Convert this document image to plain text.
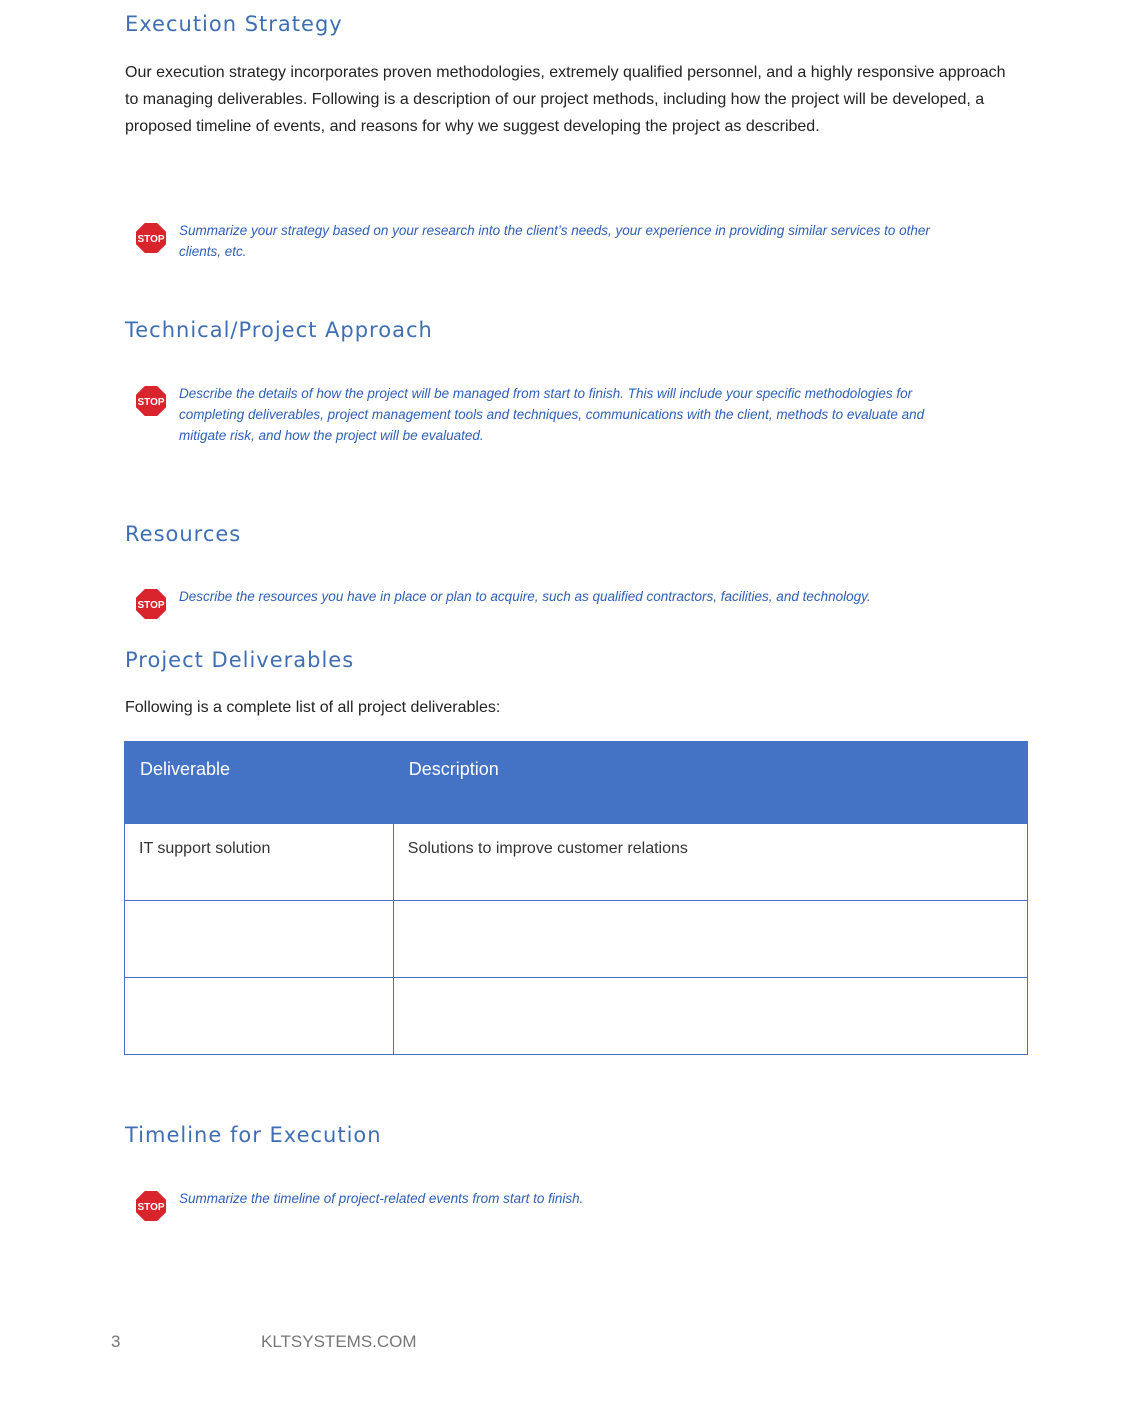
Execution Strategy

Our execution strategy incorporates proven methodologies, extremely qualified personnel, and a highly responsive approach to managing deliverables. Following is a description of our project methods, including how the project will be developed, a proposed timeline of events, and reasons for why we suggest developing the project as described.

STOP

Summarize your strategy based on your research into the client’s needs, your experience in providing similar services to other clients, etc.

Technical/Project Approach
STOP

Describe the details of how the project will be managed from start to finish. This will include your specific methodologies for completing deliverables, project management tools and techniques, communications with the client, methods to evaluate and mitigate risk, and how the project will be evaluated.

Resources
STOP

Describe the resources you have in place or plan to acquire, such as qualified contractors, facilities, and technology.

Project Deliverables

Following is a complete list of all project deliverables:

Deliverable	Description
IT support solution	Solutions to improve customer relations

Timeline for Execution
STOP

Summarize the timeline of project-related events from start to finish.

3	KLTSYSTEMS.COM
